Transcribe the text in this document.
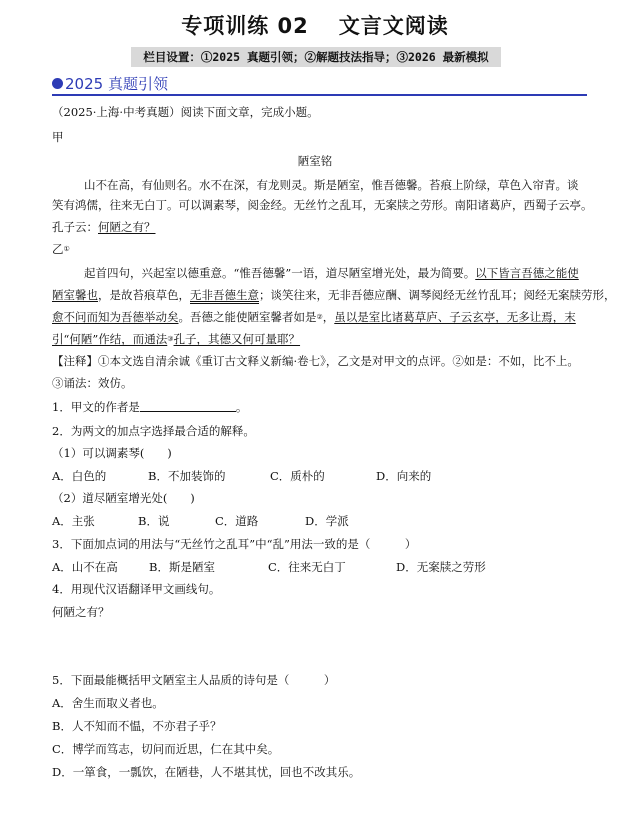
专项训练 02 文言文阅读
栏目设置：①2025 真题引领；②解题技法指导；③2026 最新模拟
2025 真题引领
（2025·上海·中考真题）阅读下面文章，完成小题。
甲
陋室铭
山不在高，有仙则名。水不在深，有龙则灵。斯是陋室，惟吾德馨。苔痕上阶绿，草色入帘青。谈
笑有鸿儒，往来无白丁。可以调素琴，阅金经。无丝竹之乱耳，无案牍之劳形。南阳诸葛庐，西蜀子云亭。
孔子云：何陋之有？
乙①
起首四句，兴起室以德重意。“惟吾德馨”一语，道尽陋室增光处，最为简要。以下皆言吾德之能使
陋室馨也，是故苔痕草色，无非吾德生意；谈笑往来，无非吾德应酬、调琴阅经无丝竹乱耳；阅经无案牍劳形，
愈不问而知为吾德举动矣。吾德之能使陋室馨者如是②，虽以是室比诸葛草庐、子云玄亭，无多让焉，末
引“何陋”作结，而通法③孔子，其德又何可量耶？
【注释】①本文选自清余诚《重订古文释义新编·卷七》，乙文是对甲文的点评。②如是：不如，比不上。
③诵法：效仿。
1．甲文的作者是	。
2．为两文的加点字选择最合适的解释。
（1）可以调素琴(　　)
A．白色的	B．不加装饰的	C．质朴的	D．向来的
（2）道尽陋室增光处(　　)
A．主张	B．说	C．道路	D．学派
3．下面加点词的用法与“无丝竹之乱耳”中“乱”用法一致的是（　　　）
A．山不在高	B．斯是陋室	C．往来无白丁	D．无案牍之劳形
4．用现代汉语翻译甲文画线句。
何陋之有？
5．下面最能概括甲文陋室主人品质的诗句是（　　　）
A．舍生而取义者也。
B．人不知而不愠，不亦君子乎？
C．博学而笃志，切问而近思，仁在其中矣。
D．一箪食，一瓢饮，在陋巷，人不堪其忧，回也不改其乐。
